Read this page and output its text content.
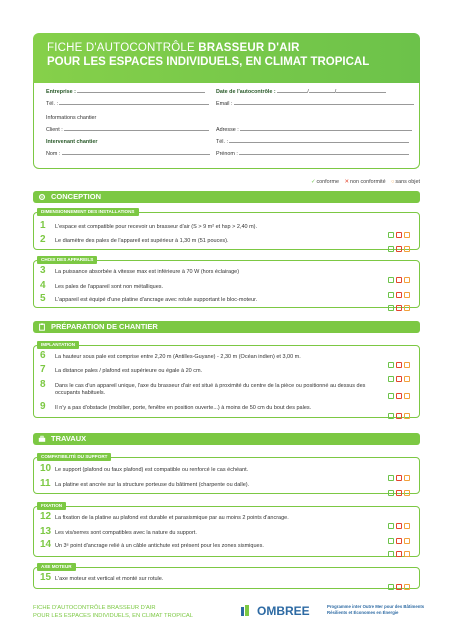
FICHE D'AUTOCONTRÔLE BRASSEUR D'AIR
POUR LES ESPACES INDIVIDUELS, EN CLIMAT TROPICAL
Entreprise :	Date de l'autocontrôle :	/	/
Tél. :	Email :
Informations chantier
Client :	Adresse :
Intervenant chantier	Tél. :
Nom :	Prénom :
✓conforme ✕non conformité ○sans objet
CONCEPTION
DIMENSIONNEMENT DES INSTALLATIONS
CHOIX DES APPAREILS
PRÉPARATION DE CHANTIER
IMPLANTATION
TRAVAUX
COMPATIBILITÉ DU SUPPORT
FIXATION
AXE MOTEUR
1	L'espace est compatible pour recevoir un brasseur d'air (S > 9 m² et hsp > 2,40 m).
2	Le diamètre des pales de l'appareil est supérieur à 1,30 m (51 pouces).
3	La puissance absorbée à vitesse max est inférieure à 70 W (hors éclairage)
4	Les pales de l'appareil sont non métalliques.
5	L'appareil est équipé d'une platine d'ancrage avec rotule supportant le bloc-moteur.
6	La hauteur sous pale est comprise entre 2,20 m (Antilles-Guyane) - 2,30 m (Océan indien) et 3,00 m.
7	La distance pales / plafond est supérieure ou égale à 20 cm.
8	Dans le cas d'un appareil unique, l'axe du brasseur d'air est situé à proximité du centre de la pièce ou positionné au dessus des occupants habituels.
9	Il n'y a pas d'obstacle (mobilier, porte, fenêtre en position ouverte...) à moins de 50 cm du bout des pales.
10 Le support (plafond ou faux plafond) est compatible ou renforcé le cas échéant.
11 La platine est ancrée sur la structure porteuse du bâtiment (charpente ou dalle).
12 La fixation de la platine au plafond est durable et parasismique par au moins 2 points d'ancrage.
13 Les vis/serres sont compatibles avec la nature du support.
14 Un 3ᵉ point d'ancrage relié à un câble antichute est présent pour les zones sismiques.
15 L'axe moteur est vertical et monté sur rotule.
FICHE D'AUTOCONTRÔLE BRASSEUR D'AIR
POUR LES ESPACES INDIVIDUELS, EN CLIMAT TROPICAL	OMBREE	Programme inter Outre Mer pour des Bâtiments
Résilients et Économes en Énergie
